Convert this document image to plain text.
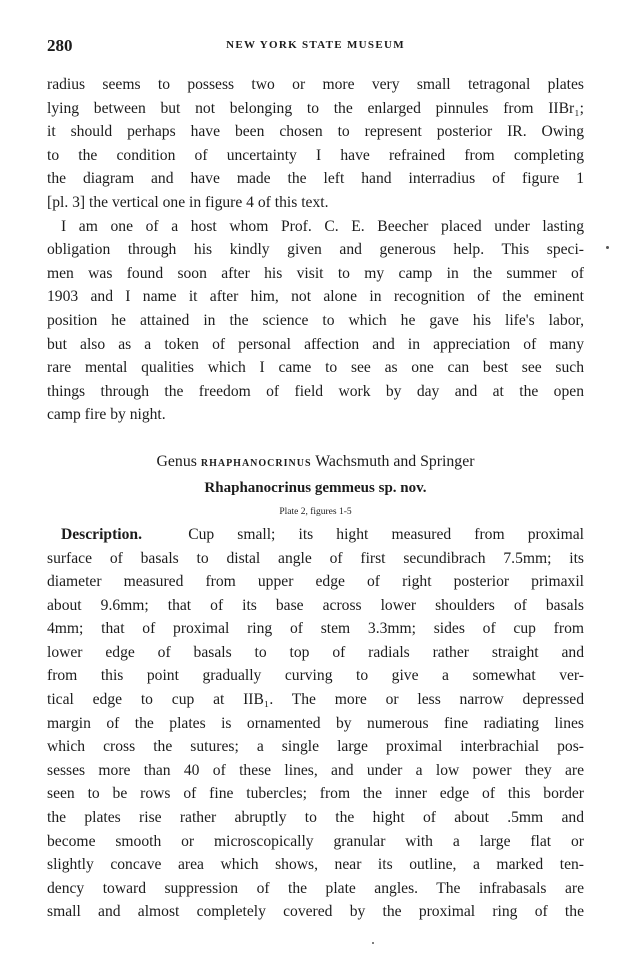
280	NEW YORK STATE MUSEUM
radius seems to possess two or more very small tetragonal plates
lying between but not belonging to the enlarged pinnules from IIBr₁;
it should perhaps have been chosen to represent posterior IR. Owing
to the condition of uncertainty I have refrained from completing
the diagram and have made the left hand interradius of figure 1
[pl. 3] the vertical one in figure 4 of this text.
I am one of a host whom Prof. C. E. Beecher placed under lasting
obligation through his kindly given and generous help. This speci-
men was found soon after his visit to my camp in the summer of
1903 and I name it after him, not alone in recognition of the eminent
position he attained in the science to which he gave his life's labor,
but also as a token of personal affection and in appreciation of many
rare mental qualities which I came to see as one can best see such
things through the freedom of field work by day and at the open
camp fire by night.
Genus RHAPHANOCRINUS Wachsmuth and Springer
Rhaphanocrinus gemmeus sp. nov.
Plate 2, figures 1-5
Description.	Cup small; its hight measured from proximal
surface of basals to distal angle of first secundibrach 7.5mm; its
diameter measured from upper edge of right posterior primaxil
about 9.6mm; that of its base across lower shoulders of basals
4mm; that of proximal ring of stem 3.3mm; sides of cup from
lower edge of basals to top of radials rather straight and
from this point gradually curving to give a somewhat ver-
tical edge to cup at IIB₁. The more or less narrow depressed
margin of the plates is ornamented by numerous fine radiating lines
which cross the sutures; a single large proximal interbrachial pos-
sesses more than 40 of these lines, and under a low power they are
seen to be rows of fine tubercles; from the inner edge of this border
the plates rise rather abruptly to the hight of about .5mm and
become smooth or microscopically granular with a large flat or
slightly concave area which shows, near its outline, a marked ten-
dency toward suppression of the plate angles. The infrabasals are
small and almost completely covered by the proximal ring of the
